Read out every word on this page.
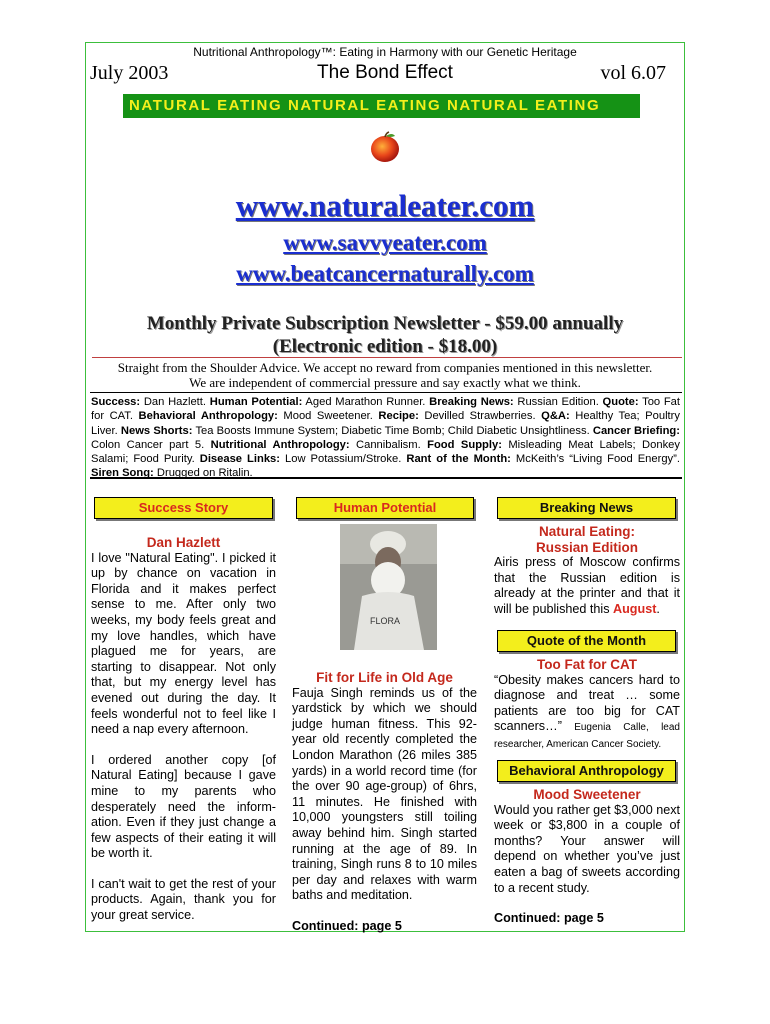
Nutritional Anthropology™: Eating in Harmony with our Genetic Heritage
July 2003	The Bond Effect	vol 6.07
NATURAL EATING NATURAL EATING NATURAL EATING
www.naturaleater.com
www.savvyeater.com
www.beatcancernaturally.com
Monthly Private Subscription Newsletter - $59.00 annually
(Electronic edition - $18.00)
Straight from the Shoulder Advice. We accept no reward from companies mentioned in this newsletter.
We are independent of commercial pressure and say exactly what we think.
Success: Dan Hazlett. Human Potential: Aged Marathon Runner. Breaking News: Russian Edition. Quote: Too Fat for CAT. Behavioral Anthropology: Mood Sweetener. Recipe: Devilled Strawberries. Q&A: Healthy Tea; Poultry Liver. News Shorts: Tea Boosts Immune System; Diabetic Time Bomb; Child Diabetic Unsightliness. Cancer Briefing: Colon Cancer part 5. Nutritional Anthropology: Cannibalism. Food Supply: Misleading Meat Labels; Donkey Salami; Food Purity. Disease Links: Low Potassium/Stroke. Rant of the Month: McKeith’s “Living Food Energy”. Siren Song: Drugged on Ritalin.
Success Story
Dan Hazlett

I love "Natural Eating". I picked it up by chance on vacation in Florida and it makes perfect sense to me. After only two weeks, my body feels great and my love handles, which have plagued me for years, are starting to disappear. Not only that, but my energy level has evened out during the day. It feels wonderful not to feel like I need a nap every afternoon.

I ordered another copy [of Natural Eating] because I gave mine to my parents who desperately need the inform-ation. Even if they just change a few aspects of their eating it will be worth it.

I can't wait to get the rest of your products. Again, thank you for your great service.

Human Potential
FLORA
Fit for Life in Old Age

Fauja Singh reminds us of the yardstick by which we should judge human fitness. This 92-year old recently completed the London Marathon (26 miles 385 yards) in a world record time (for the over 90 age-group) of 6hrs, 11 minutes. He finished with 10,000 youngsters still toiling away behind him. Singh started running at the age of 89. In training, Singh runs 8 to 10 miles per day and relaxes with warm baths and meditation.

Continued: page 5

Breaking News
Natural Eating:
Russian Edition

Airis press of Moscow confirms that the Russian edition is already at the printer and that it will be published this August.

Quote of the Month
Too Fat for CAT

“Obesity makes cancers hard to diagnose and treat … some patients are too big for CAT scanners…” Eugenia Calle, lead researcher, American Cancer Society.

Behavioral Anthropology
Mood Sweetener

Would you rather get $3,000 next week or $3,800 in a couple of months? Your answer will depend on whether you’ve just eaten a bag of sweets according to a recent study.

Continued: page 5
